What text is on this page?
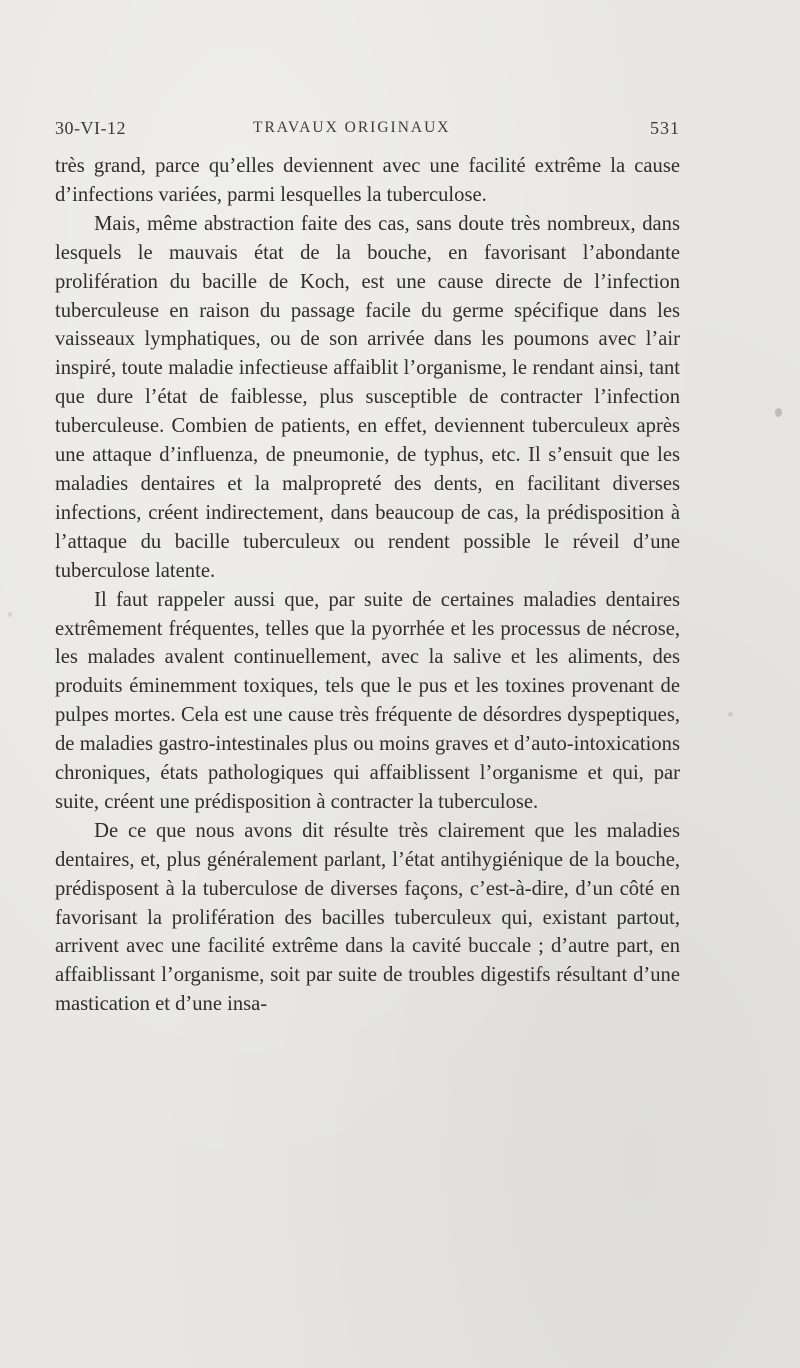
30-VI-12	TRAVAUX ORIGINAUX	531

très grand, parce qu’elles deviennent avec une facilité extrême la cause d’infections variées, parmi lesquelles la tuberculose.

Mais, même abstraction faite des cas, sans doute très nombreux, dans lesquels le mauvais état de la bouche, en favorisant l’abondante prolifération du bacille de Koch, est une cause directe de l’infection tuberculeuse en raison du passage facile du germe spécifique dans les vaisseaux lymphatiques, ou de son arrivée dans les poumons avec l’air inspiré, toute maladie infectieuse affaiblit l’organisme, le rendant ainsi, tant que dure l’état de faiblesse, plus susceptible de contracter l’infection tuberculeuse. Combien de patients, en effet, deviennent tuberculeux après une attaque d’influenza, de pneumonie, de typhus, etc. Il s’ensuit que les maladies dentaires et la malpropreté des dents, en facilitant diverses infections, créent indirectement, dans beaucoup de cas, la prédisposition à l’attaque du bacille tuberculeux ou rendent possible le réveil d’une tuberculose latente.

Il faut rappeler aussi que, par suite de certaines maladies dentaires extrêmement fréquentes, telles que la pyorrhée et les processus de nécrose, les malades avalent continuellement, avec la salive et les aliments, des produits éminemment toxiques, tels que le pus et les toxines provenant de pulpes mortes. Cela est une cause très fréquente de désordres dyspeptiques, de maladies gastro-intestinales plus ou moins graves et d’auto-intoxications chroniques, états pathologiques qui affaiblissent l’organisme et qui, par suite, créent une prédisposition à contracter la tuberculose.

De ce que nous avons dit résulte très clairement que les maladies dentaires, et, plus généralement parlant, l’état antihygiénique de la bouche, prédisposent à la tuberculose de diverses façons, c’est-à-dire, d’un côté en favorisant la prolifération des bacilles tuberculeux qui, existant partout, arrivent avec une facilité extrême dans la cavité buccale ; d’autre part, en affaiblissant l’organisme, soit par suite de troubles digestifs résultant d’une mastication et d’une insa-
